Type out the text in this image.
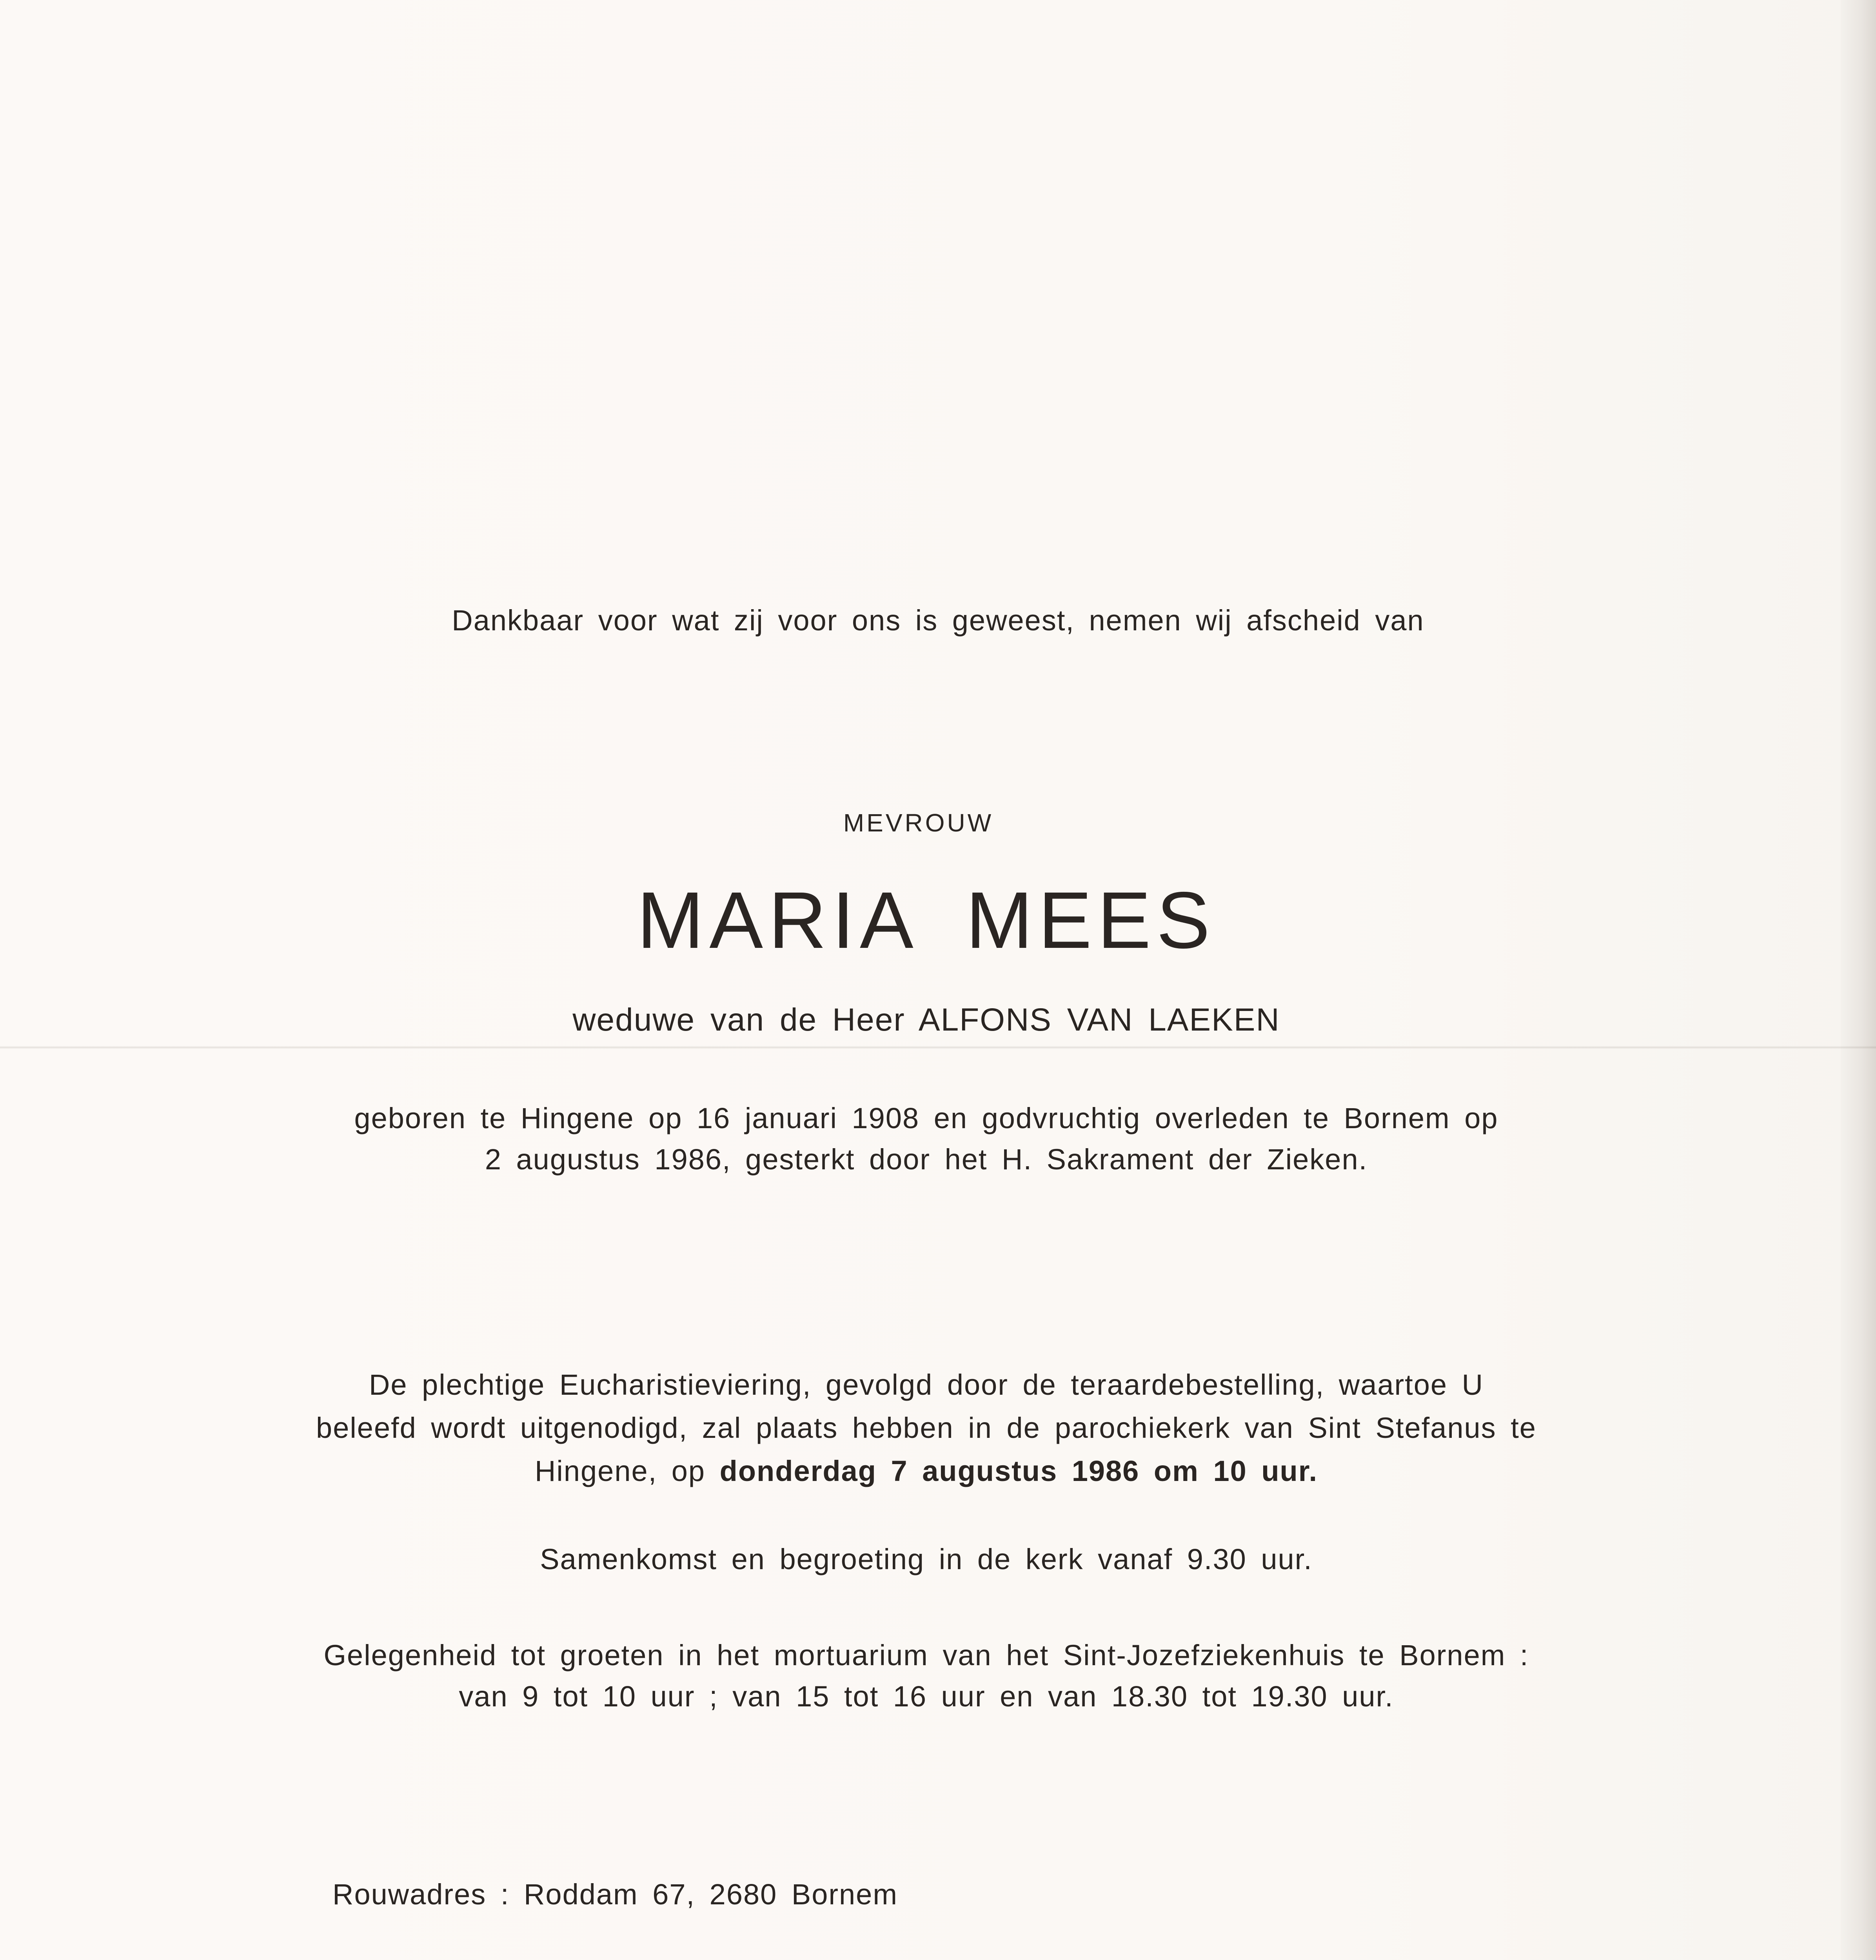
Dankbaar voor wat zij voor ons is geweest, nemen wij afscheid van
MEVROUW
MARIA MEES
weduwe van de Heer ALFONS VAN LAEKEN
geboren te Hingene op 16 januari 1908 en godvruchtig overleden te Bornem op
2 augustus 1986, gesterkt door het H. Sakrament der Zieken.
De plechtige Eucharistieviering, gevolgd door de teraardebestelling, waartoe U
beleefd wordt uitgenodigd, zal plaats hebben in de parochiekerk van Sint Stefanus te
Hingene, op donderdag 7 augustus 1986 om 10 uur.
Samenkomst en begroeting in de kerk vanaf 9.30 uur.
Gelegenheid tot groeten in het mortuarium van het Sint-Jozefziekenhuis te Bornem :
van 9 tot 10 uur ; van 15 tot 16 uur en van 18.30 tot 19.30 uur.
Rouwadres : Roddam 67, 2680 Bornem
